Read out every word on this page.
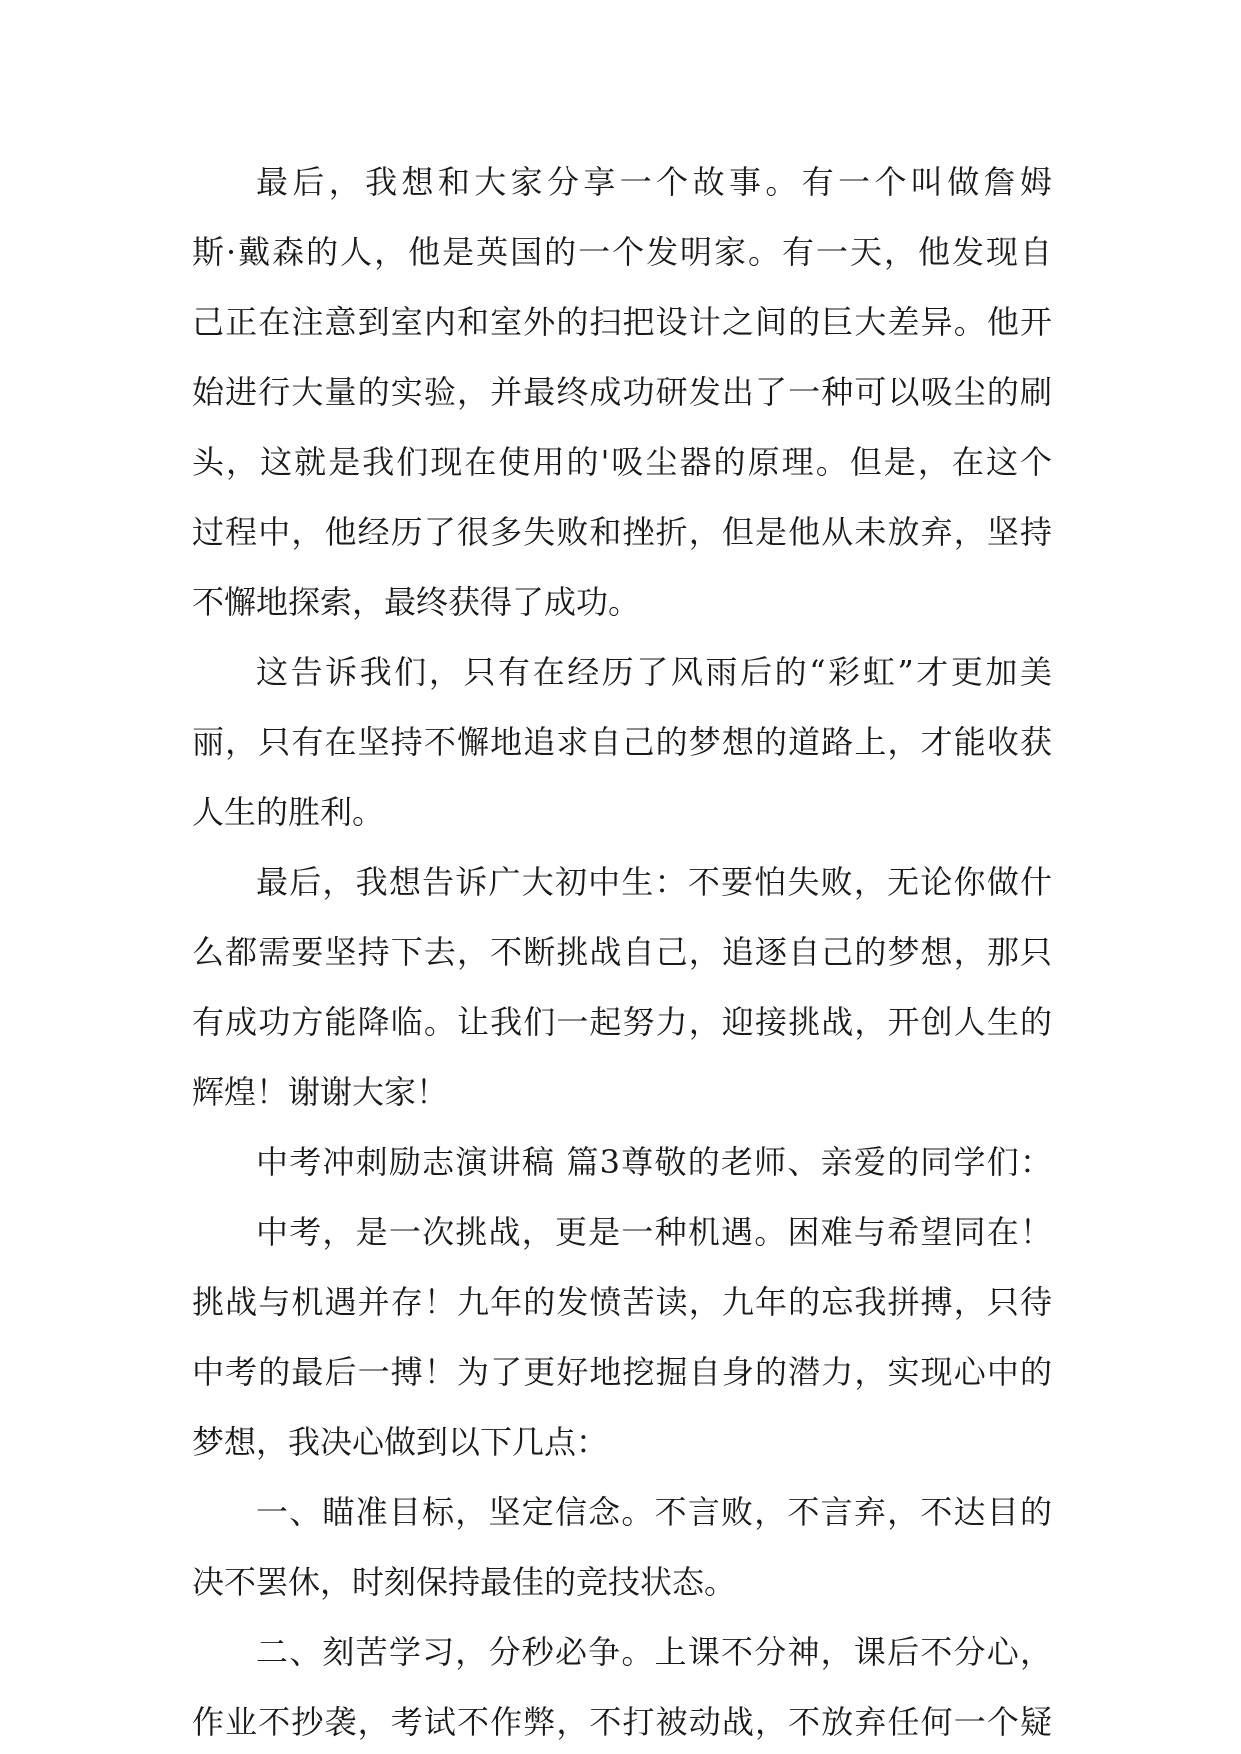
最后，我想和大家分享一个故事。有一个叫做詹姆
斯·戴森的人，他是英国的一个发明家。有一天，他发现自
己正在注意到室内和室外的扫把设计之间的巨大差异。他开
始进行大量的实验，并最终成功研发出了一种可以吸尘的刷
头，这就是我们现在使用的'吸尘器的原理。但是，在这个
过程中，他经历了很多失败和挫折，但是他从未放弃，坚持
不懈地探索，最终获得了成功。
这告诉我们，只有在经历了风雨后的“彩虹”才更加美
丽，只有在坚持不懈地追求自己的梦想的道路上，才能收获
人生的胜利。
最后，我想告诉广大初中生：不要怕失败，无论你做什
么都需要坚持下去，不断挑战自己，追逐自己的梦想，那只
有成功方能降临。让我们一起努力，迎接挑战，开创人生的
辉煌！谢谢大家！
中考冲刺励志演讲稿 篇3尊敬的老师、亲爱的同学们：
中考，是一次挑战，更是一种机遇。困难与希望同在！
挑战与机遇并存！九年的发愤苦读，九年的忘我拼搏，只待
中考的最后一搏！为了更好地挖掘自身的潜力，实现心中的
梦想，我决心做到以下几点：
一、瞄准目标，坚定信念。不言败，不言弃，不达目的
决不罢休，时刻保持最佳的竞技状态。
二、刻苦学习，分秒必争。上课不分神，课后不分心，
作业不抄袭，考试不作弊，不打被动战，不放弃任何一个疑
